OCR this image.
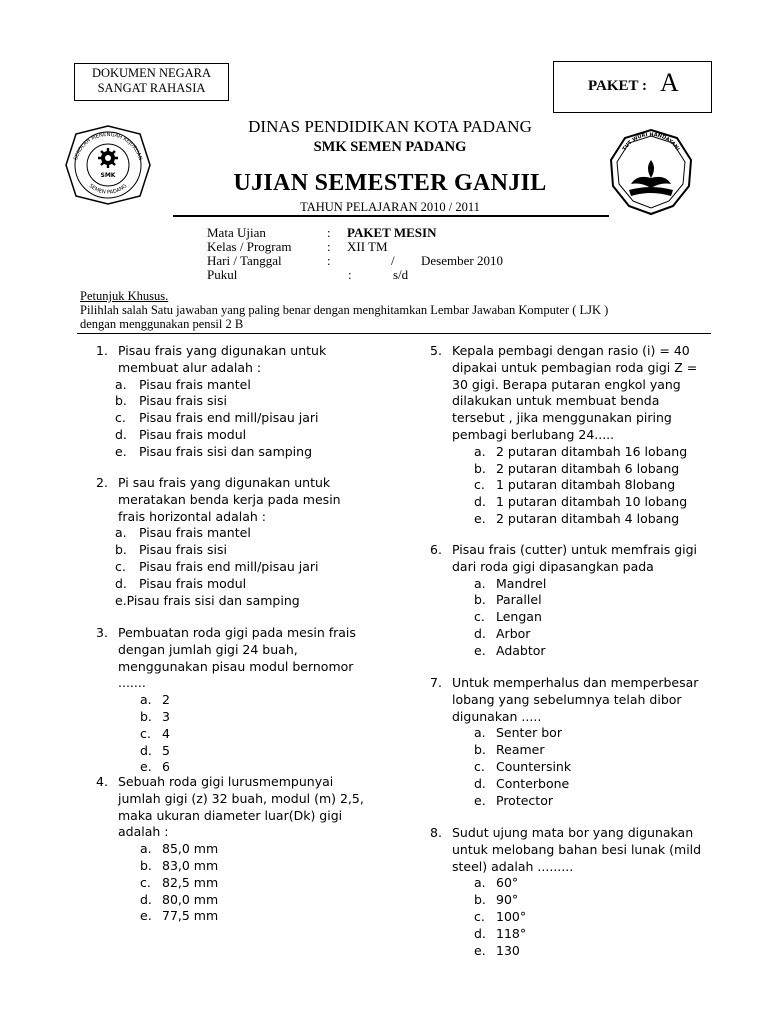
DOKUMEN NEGARA
SANGAT RAHASIA	PAKET : A
SEKOLAH MENENGAH KEJURUAN
SEMEN PADANG
SMK
TUT WURI HANDAYANI
DINAS PENDIDIKAN KOTA PADANG
SMK SEMEN PADANG
UJIAN SEMESTER GANJIL
TAHUN PELAJARAN 2010 / 2011
Mata Ujian	: PAKET MESIN
Kelas / Program	: XII TM
Hari / Tanggal	:	/ Desember 2010
Pukul	:	s/d
Petunjuk Khusus.
Pilihlah salah Satu jawaban yang paling benar dengan menghitamkan Lembar Jawaban Komputer ( LJK )
dengan menggunakan pensil 2 B
1. Pisau frais yang digunakan untuk
membuat alur adalah :
a. Pisau frais mantel
b. Pisau frais sisi
c. Pisau frais end mill/pisau jari
d. Pisau frais modul
e. Pisau frais sisi dan samping
2. Pi sau frais yang digunakan untuk
meratakan benda kerja pada mesin
frais horizontal adalah :
a. Pisau frais mantel
b. Pisau frais sisi
c. Pisau frais end mill/pisau jari
d. Pisau frais modul
e.Pisau frais sisi dan samping
3. Pembuatan roda gigi pada mesin frais
dengan jumlah gigi 24 buah,
menggunakan pisau modul bernomor
.......
a. 2
b. 3
c. 4
d. 5
e. 6
4. Sebuah roda gigi lurusmempunyai
jumlah gigi (z) 32 buah, modul (m) 2,5,
maka ukuran diameter luar(Dk) gigi
adalah :
a. 85,0 mm
b. 83,0 mm
c. 82,5 mm
d. 80,0 mm
e. 77,5 mm
5. Kepala pembagi dengan rasio (i) = 40
dipakai untuk pembagian roda gigi Z =
30 gigi. Berapa putaran engkol yang
dilakukan untuk membuat benda
tersebut , jika menggunakan piring
pembagi berlubang 24.....
a. 2 putaran ditambah 16 lobang
b. 2 putaran ditambah 6 lobang
c. 1 putaran ditambah 8lobang
d. 1 putaran ditambah 10 lobang
e. 2 putaran ditambah 4 lobang
6. Pisau frais (cutter) untuk memfrais gigi
dari roda gigi dipasangkan pada
a. Mandrel
b. Parallel
c. Lengan
d. Arbor
e. Adabtor
7. Untuk memperhalus dan memperbesar
lobang yang sebelumnya telah dibor
digunakan .....
a. Senter bor
b. Reamer
c. Countersink
d. Conterbone
e. Protector
8. Sudut ujung mata bor yang digunakan
untuk melobang bahan besi lunak (mild
steel) adalah .........
a. 60°
b. 90°
c. 100°
d. 118°
e. 130
